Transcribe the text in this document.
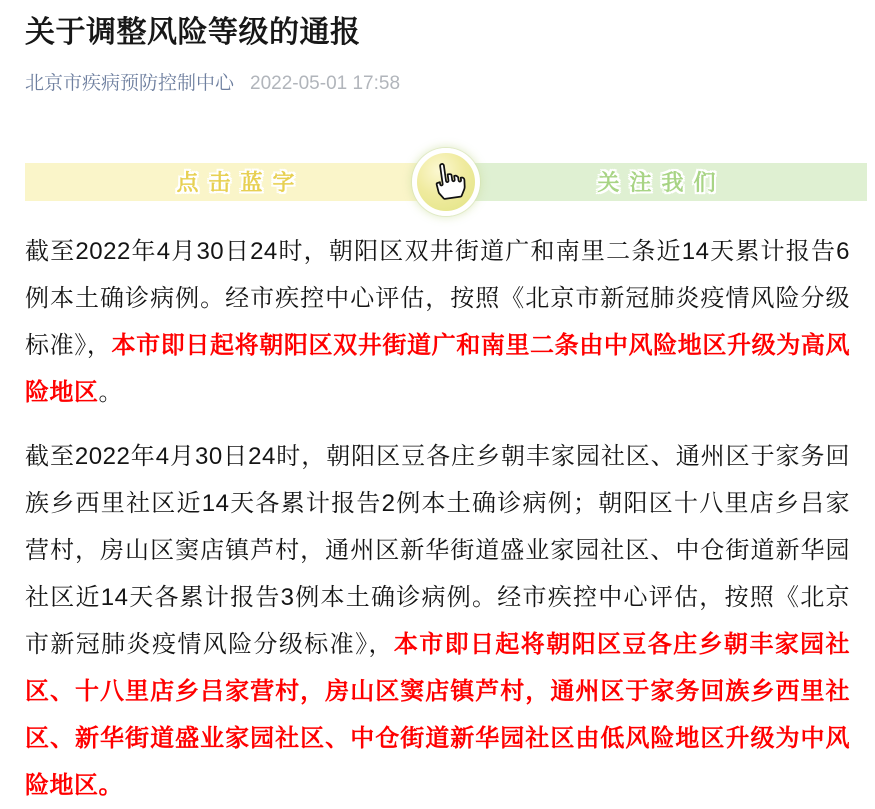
关于调整风险等级的通报
北京市疾病预防控制中心 2022-05-01 17:58
点击蓝字	关注我们

截至2022年4月30日24时，朝阳区双井街道广和南里二条近14天累计报告6例本土确诊病例。经市疾控中心评估，按照《北京市新冠肺炎疫情风险分级标准》，本市即日起将朝阳区双井街道广和南里二条由中风险地区升级为高风险地区。

截至2022年4月30日24时，朝阳区豆各庄乡朝丰家园社区、通州区于家务回族乡西里社区近14天各累计报告2例本土确诊病例；朝阳区十八里店乡吕家营村，房山区窦店镇芦村，通州区新华街道盛业家园社区、中仓街道新华园社区近14天各累计报告3例本土确诊病例。经市疾控中心评估，按照《北京市新冠肺炎疫情风险分级标准》，本市即日起将朝阳区豆各庄乡朝丰家园社区、十八里店乡吕家营村，房山区窦店镇芦村，通州区于家务回族乡西里社区、新华街道盛业家园社区、中仓街道新华园社区由低风险地区升级为中风险地区。
